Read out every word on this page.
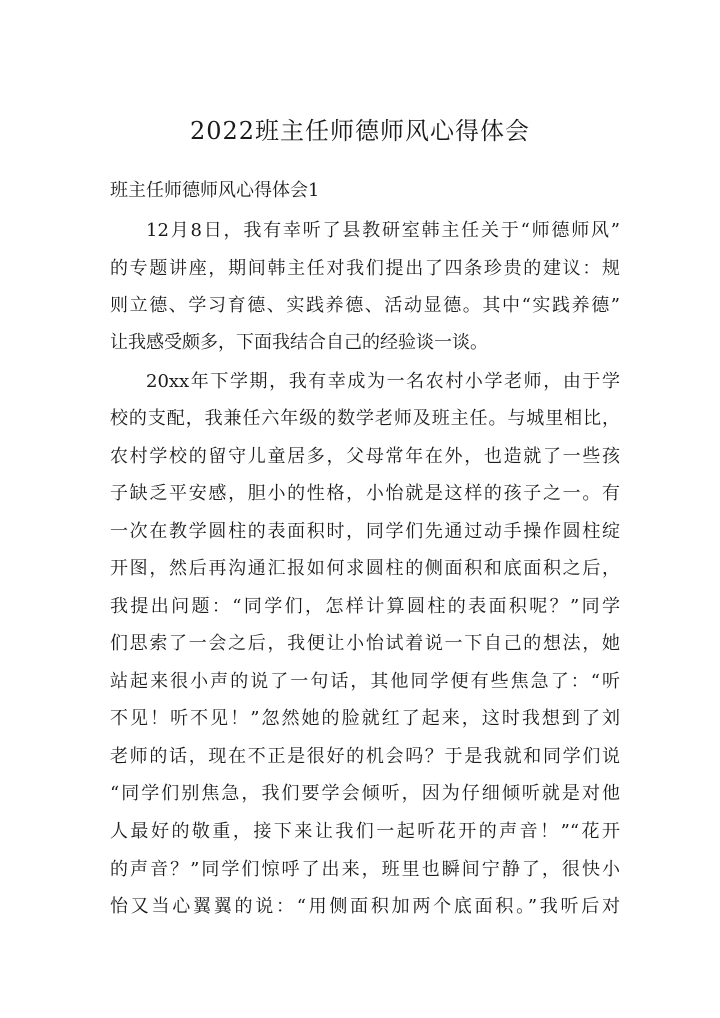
2022班主任师德师风心得体会

班主任师德师风心得体会1

12月8日，我有幸听了县教研室韩主任关于“师德师风”

的专题讲座，期间韩主任对我们提出了四条珍贵的建议：规

则立德、学习育德、实践养德、活动显德。其中“实践养德”

让我感受颇多，下面我结合自己的经验谈一谈。

20xx年下学期，我有幸成为一名农村小学老师，由于学

校的支配，我兼任六年级的数学老师及班主任。与城里相比，

农村学校的留守儿童居多，父母常年在外，也造就了一些孩

子缺乏平安感，胆小的性格，小怡就是这样的孩子之一。有

一次在教学圆柱的表面积时，同学们先通过动手操作圆柱绽

开图，然后再沟通汇报如何求圆柱的侧面积和底面积之后，

我提出问题：“同学们，怎样计算圆柱的表面积呢？”同学

们思索了一会之后，我便让小怡试着说一下自己的想法，她

站起来很小声的说了一句话，其他同学便有些焦急了：“听

不见！听不见！”忽然她的脸就红了起来，这时我想到了刘

老师的话，现在不正是很好的机会吗？于是我就和同学们说

“同学们别焦急，我们要学会倾听，因为仔细倾听就是对他

人最好的敬重，接下来让我们一起听花开的声音！”“花开

的声音？”同学们惊呼了出来，班里也瞬间宁静了，很快小

怡又当心翼翼的说：“用侧面积加两个底面积。”我听后对
